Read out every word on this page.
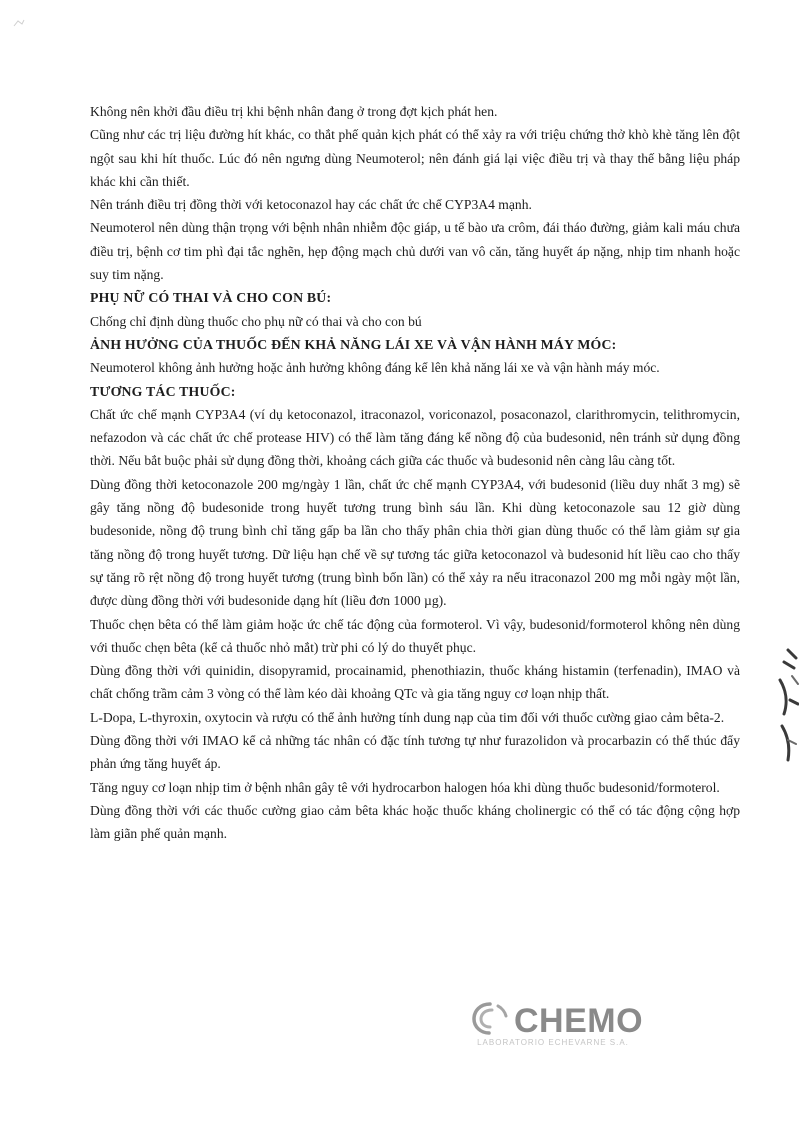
Không nên khởi đầu điều trị khi bệnh nhân đang ở trong đợt kịch phát hen.

Cũng như các trị liệu đường hít khác, co thắt phế quản kịch phát có thể xảy ra với triệu chứng thở khò khè tăng lên đột ngột sau khi hít thuốc. Lúc đó nên ngưng dùng Neumoterol; nên đánh giá lại việc điều trị và thay thế bằng liệu pháp khác khi cần thiết.

Nên tránh điều trị đồng thời với ketoconazol hay các chất ức chế CYP3A4 mạnh.

Neumoterol nên dùng thận trọng với bệnh nhân nhiễm độc giáp, u tế bào ưa crôm, đái tháo đường, giảm kali máu chưa điều trị, bệnh cơ tim phì đại tắc nghẽn, hẹp động mạch chủ dưới van vô căn, tăng huyết áp nặng, nhịp tim nhanh hoặc suy tim nặng.

PHỤ NỮ CÓ THAI VÀ CHO CON BÚ:

Chống chỉ định dùng thuốc cho phụ nữ có thai và cho con bú

ẢNH HƯỞNG CỦA THUỐC ĐẾN KHẢ NĂNG LÁI XE VÀ VẬN HÀNH MÁY MÓC:

Neumoterol không ảnh hưởng hoặc ảnh hưởng không đáng kể lên khả năng lái xe và vận hành máy móc.

TƯƠNG TÁC THUỐC:

Chất ức chế mạnh CYP3A4 (ví dụ ketoconazol, itraconazol, voriconazol, posaconazol, clarithromycin, telithromycin, nefazodon và các chất ức chế protease HIV) có thể làm tăng đáng kể nồng độ của budesonid, nên tránh sử dụng đồng thời. Nếu bắt buộc phải sử dụng đồng thời, khoảng cách giữa các thuốc và budesonid nên càng lâu càng tốt.

Dùng đồng thời ketoconazole 200 mg/ngày 1 lần, chất ức chế mạnh CYP3A4, với budesonid (liều duy nhất 3 mg) sẽ gây tăng nồng độ budesonide trong huyết tương trung bình sáu lần. Khi dùng ketoconazole sau 12 giờ dùng budesonide, nồng độ trung bình chỉ tăng gấp ba lần cho thấy phân chia thời gian dùng thuốc có thể làm giảm sự gia tăng nồng độ trong huyết tương. Dữ liệu hạn chế về sự tương tác giữa ketoconazol và budesonid hít liều cao cho thấy sự tăng rõ rệt nồng độ trong huyết tương (trung bình bốn lần) có thể xảy ra nếu itraconazol 200 mg mỗi ngày một lần, được dùng đồng thời với budesonide dạng hít (liều đơn 1000 µg).

Thuốc chẹn bêta có thể làm giảm hoặc ức chế tác động của formoterol. Vì vậy, budesonid/formoterol không nên dùng với thuốc chẹn bêta (kể cả thuốc nhỏ mắt) trừ phi có lý do thuyết phục.

Dùng đồng thời với quinidin, disopyramid, procainamid, phenothiazin, thuốc kháng histamin (terfenadin), IMAO và chất chống trầm cảm 3 vòng có thể làm kéo dài khoảng QTc và gia tăng nguy cơ loạn nhịp thất.

L-Dopa, L-thyroxin, oxytocin và rượu có thể ảnh hưởng tính dung nạp của tim đối với thuốc cường giao cảm bêta-2.

Dùng đồng thời với IMAO kể cả những tác nhân có đặc tính tương tự như furazolidon và procarbazin có thể thúc đẩy phản ứng tăng huyết áp.

Tăng nguy cơ loạn nhịp tim ở bệnh nhân gây tê với hydrocarbon halogen hóa khi dùng thuốc budesonid/formoterol.

Dùng đồng thời với các thuốc cường giao cảm bêta khác hoặc thuốc kháng cholinergic có thể có tác động cộng hợp làm giãn phế quản mạnh.

CHEMO
LABORATORIO ECHEVARNE S.A.
